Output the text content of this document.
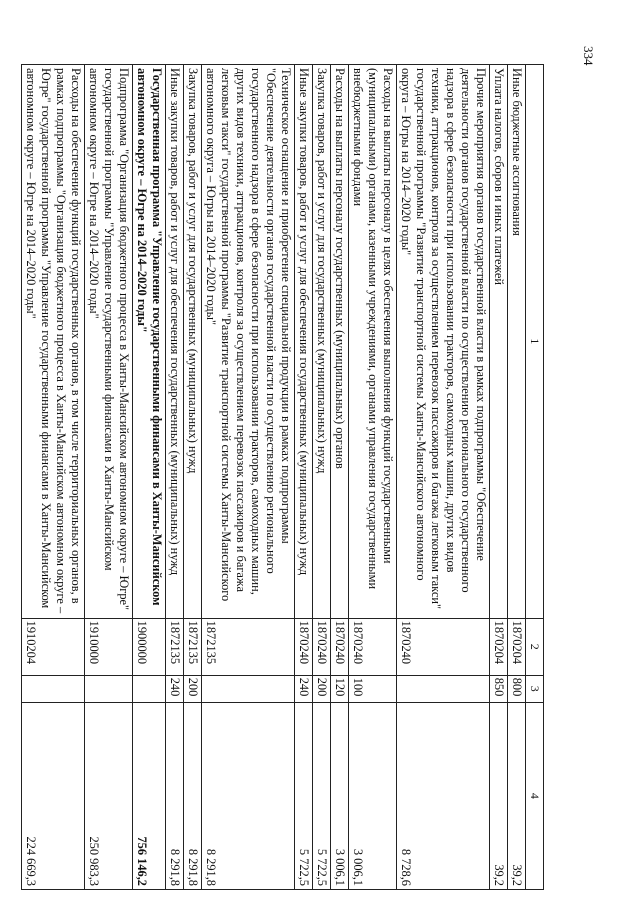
334
1	2	3	4
Иные бюджетные ассигнования	1870204	800	39,2
Уплата налогов, сборов и иных платежей	1870204	850	39,2
Прочие мероприятия органов государственной власти в рамках подпрограммы "Обеспечение деятельности органов государственной власти по осуществлению регионального государственного надзора в сфере безопасности при использовании тракторов, самоходных машин, других видов техники, аттракционов, контроля за осуществлением перевозок пассажиров и багажа легковым такси" государственной программы "Развитие транспортной системы Ханты-Мансийского автономного округа – Югры на 2014–2020 годы"	1870240		8 728,6
Расходы на выплаты персоналу в целях обеспечения выполнения функций государственными (муниципальными) органами, казенными учреждениями, органами управления государственными внебюджетными фондами	1870240	100	3 006,1
Расходы на выплаты персоналу государственных (муниципальных) органов	1870240	120	3 006,1
Закупка товаров, работ и услуг для государственных (муниципальных) нужд	1870240	200	5 722,5
Иные закупки товаров, работ и услуг для обеспечения государственных (муниципальных) нужд	1870240	240	5 722,5
Техническое оснащение и приобретение специальной продукции в рамках подпрограммы "Обеспечение деятельности органов государственной власти по осуществлению регионального государственного надзора в сфере безопасности при использовании тракторов, самоходных машин, других видов техники, аттракционов, контроля за осуществлением перевозок пассажиров и багажа легковым такси" государственной программы "Развитие транспортной системы Ханты-Мансийского автономного округа – Югры на 2014–2020 годы"	1872135		8 291,8
Закупка товаров, работ и услуг для государственных (муниципальных) нужд	1872135	200	8 291,8
Иные закупки товаров, работ и услуг для обеспечения государственных (муниципальных) нужд	1872135	240	8 291,8
Государственная программа "Управление государственными финансами в Ханты-Мансийском автономном округе – Югре на 2014–2020 годы"	1900000		756 146,2
Подпрограмма "Организация бюджетного процесса в Ханты-Мансийском автономном округе – Югре" государственной программы "Управление государственными финансами в Ханты-Мансийском автономном округе – Югре на 2014–2020 годы"	1910000		250 983,3
Расходы на обеспечение функций государственных органов, в том числе территориальных органов, в рамках подпрограммы "Организация бюджетного процесса в Ханты-Мансийском автономном округе – Югре" государственной программы "Управление государственными финансами в Ханты-Мансийском автономном округе – Югре на 2014–2020 годы"	1910204		224 669,3
